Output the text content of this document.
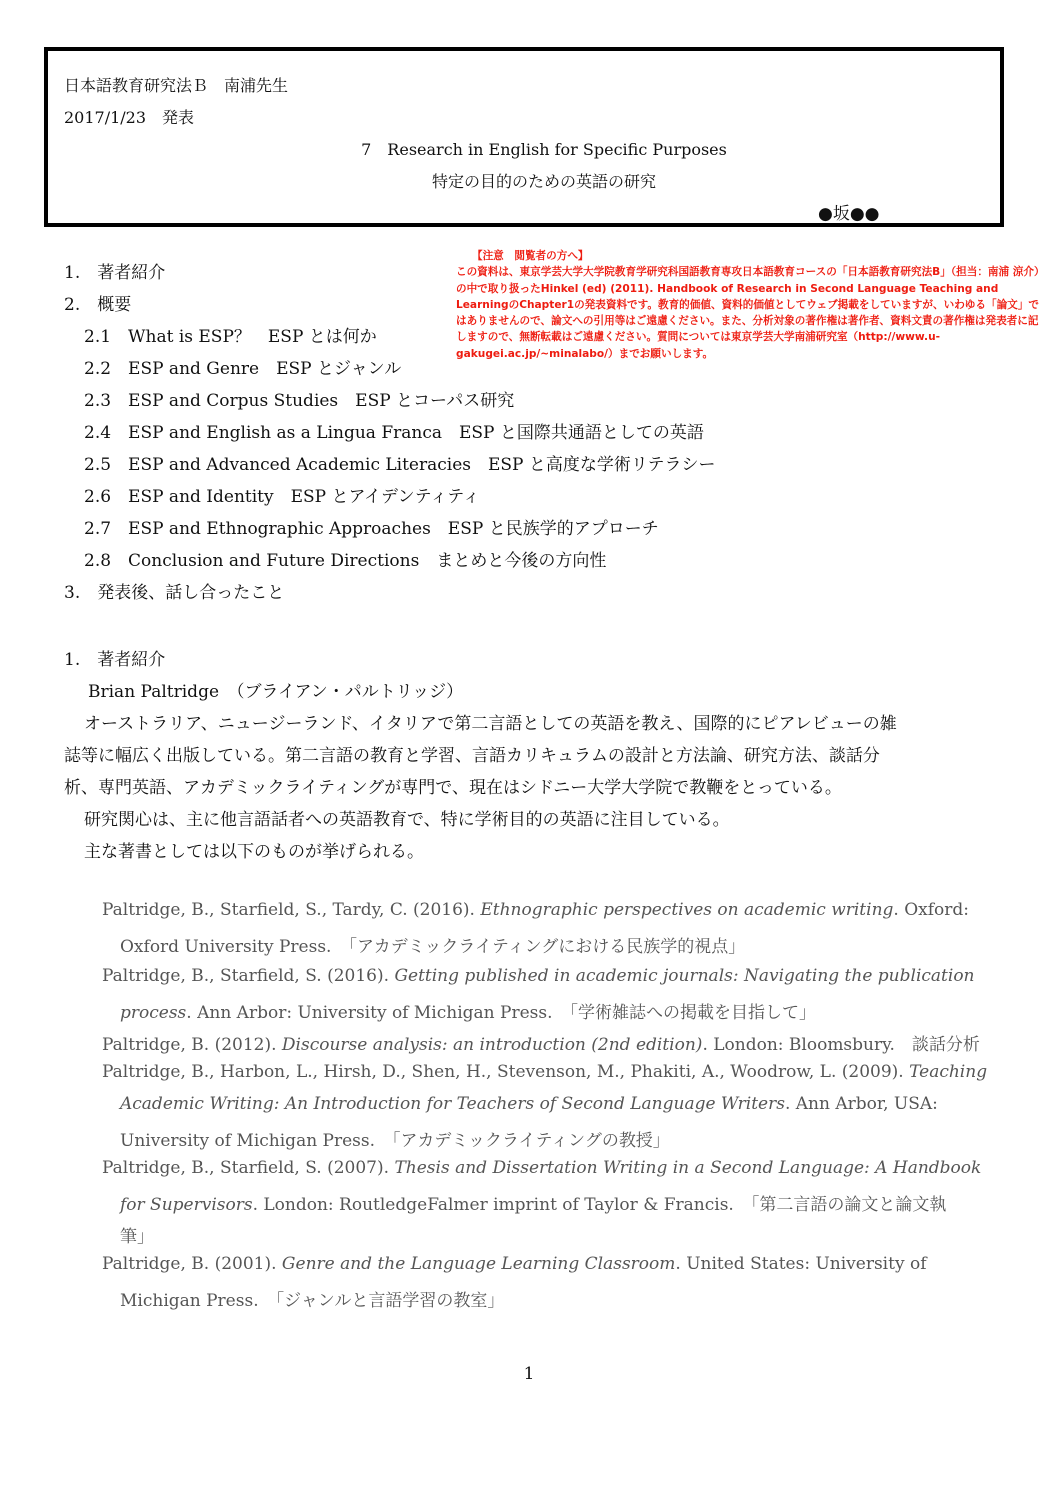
日本語教育研究法Ｂ　南浦先生
2017/1/23　発表
7　Research in English for Specific Purposes
特定の目的のための英語の研究
●坂●●
【注意　閲覧者の方へ】
この資料は、東京学芸大学大学院教育学研究科国語教育専攻日本語教育コースの「日本語教育研究法B」（担当：南浦 涼介）の中で取り扱ったHinkel (ed) (2011). Handbook of Research in Second Language Teaching and LearningのChapter1の発表資料です。教育的価値、資料的価値としてウェブ掲載をしていますが、いわゆる「論文」ではありませんので、論文への引用等はご遠慮ください。また、分析対象の著作権は著作者、資料文責の著作権は発表者に記しますので、無断転載はご遠慮ください。質問については東京学芸大学南浦研究室（http://www.u-gakugei.ac.jp/~minalabo/）までお願いします。
1.　著者紹介
2.　概要
2.1　What is ESP？　ESP とは何か
2.2　ESP and Genre　ESP とジャンル
2.3　ESP and Corpus Studies　ESP とコーパス研究
2.4　ESP and English as a Lingua Franca　ESP と国際共通語としての英語
2.5　ESP and Advanced Academic Literacies　ESP と高度な学術リテラシー
2.6　ESP and Identity　ESP とアイデンティティ
2.7　ESP and Ethnographic Approaches　ESP と民族学的アプローチ
2.8　Conclusion and Future Directions　まとめと今後の方向性
3.　発表後、話し合ったこと
1.　著者紹介
Brian Paltridge　（ブライアン・パルトリッジ）
オーストラリア、ニュージーランド、イタリアで第二言語としての英語を教え、国際的にピアレビューの雑
誌等に幅広く出版している。第二言語の教育と学習、言語カリキュラムの設計と方法論、研究方法、談話分
析、専門英語、アカデミックライティングが専門で、現在はシドニー大学大学院で教鞭をとっている。
研究関心は、主に他言語話者への英語教育で、特に学術目的の英語に注目している。
主な著書としては以下のものが挙げられる。
Paltridge, B., Starfield, S., Tardy, C. (2016). Ethnographic perspectives on academic writing. Oxford:
Oxford University Press.　「アカデミックライティングにおける民族学的視点」
Paltridge, B., Starfield, S. (2016). Getting published in academic journals: Navigating the publication
process. Ann Arbor: University of Michigan Press.　「学術雑誌への掲載を目指して」
Paltridge, B. (2012). Discourse analysis: an introduction (2nd edition). London: Bloomsbury.　談話分析
Paltridge, B., Harbon, L., Hirsh, D., Shen, H., Stevenson, M., Phakiti, A., Woodrow, L. (2009). Teaching
Academic Writing: An Introduction for Teachers of Second Language Writers. Ann Arbor, USA:
University of Michigan Press.　「アカデミックライティングの教授」
Paltridge, B., Starfield, S. (2007). Thesis and Dissertation Writing in a Second Language: A Handbook
for Supervisors. London: RoutledgeFalmer imprint of Taylor & Francis.　「第二言語の論文と論文執
筆」
Paltridge, B. (2001). Genre and the Language Learning Classroom. United States: University of
Michigan Press.　「ジャンルと言語学習の教室」
1
